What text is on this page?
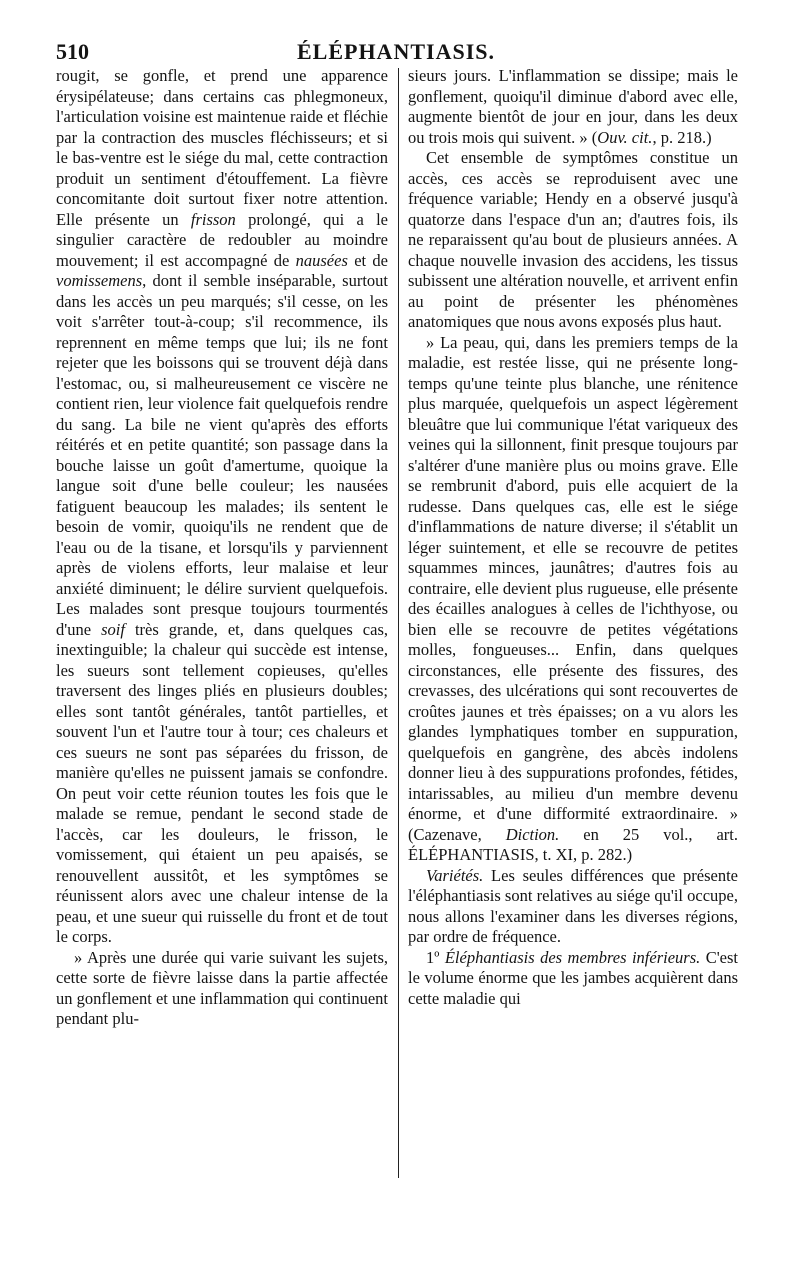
510	ÉLÉPHANTIASIS.

rougit, se gonfle, et prend une apparence érysipélateuse; dans certains cas phlegmoneux, l'articulation voisine est maintenue raide et fléchie par la contraction des muscles fléchisseurs; et si le bas-ventre est le siége du mal, cette contraction produit un sentiment d'étouffement. La fièvre concomitante doit surtout fixer notre attention. Elle présente un frisson prolongé, qui a le singulier caractère de redoubler au moindre mouvement; il est accompagné de nausées et de vomissemens, dont il semble inséparable, surtout dans les accès un peu marqués; s'il cesse, on les voit s'arrêter tout-à-coup; s'il recommence, ils reprennent en même temps que lui; ils ne font rejeter que les boissons qui se trouvent déjà dans l'estomac, ou, si malheureusement ce viscère ne contient rien, leur violence fait quelquefois rendre du sang. La bile ne vient qu'après des efforts réitérés et en petite quantité; son passage dans la bouche laisse un goût d'amertume, quoique la langue soit d'une belle couleur; les nausées fatiguent beaucoup les malades; ils sentent le besoin de vomir, quoiqu'ils ne rendent que de l'eau ou de la tisane, et lorsqu'ils y parviennent après de violens efforts, leur malaise et leur anxiété diminuent; le délire survient quelquefois. Les malades sont presque toujours tourmentés d'une soif très grande, et, dans quelques cas, inextinguible; la chaleur qui succède est intense, les sueurs sont tellement copieuses, qu'elles traversent des linges pliés en plusieurs doubles; elles sont tantôt générales, tantôt partielles, et souvent l'un et l'autre tour à tour; ces chaleurs et ces sueurs ne sont pas séparées du frisson, de manière qu'elles ne puissent jamais se confondre. On peut voir cette réunion toutes les fois que le malade se remue, pendant le second stade de l'accès, car les douleurs, le frisson, le vomissement, qui étaient un peu apaisés, se renouvellent aussitôt, et les symptômes se réunissent alors avec une chaleur intense de la peau, et une sueur qui ruisselle du front et de tout le corps.

» Après une durée qui varie suivant les sujets, cette sorte de fièvre laisse dans la partie affectée un gonflement et une inflammation qui continuent pendant plu-

sieurs jours. L'inflammation se dissipe; mais le gonflement, quoiqu'il diminue d'abord avec elle, augmente bientôt de jour en jour, dans les deux ou trois mois qui suivent. » (Ouv. cit., p. 218.)

Cet ensemble de symptômes constitue un accès, ces accès se reproduisent avec une fréquence variable; Hendy en a observé jusqu'à quatorze dans l'espace d'un an; d'autres fois, ils ne reparaissent qu'au bout de plusieurs années. A chaque nouvelle invasion des accidens, les tissus subissent une altération nouvelle, et arrivent enfin au point de présenter les phénomènes anatomiques que nous avons exposés plus haut.

» La peau, qui, dans les premiers temps de la maladie, est restée lisse, qui ne présente long-temps qu'une teinte plus blanche, une rénitence plus marquée, quelquefois un aspect légèrement bleuâtre que lui communique l'état variqueux des veines qui la sillonnent, finit presque toujours par s'altérer d'une manière plus ou moins grave. Elle se rembrunit d'abord, puis elle acquiert de la rudesse. Dans quelques cas, elle est le siége d'inflammations de nature diverse; il s'établit un léger suintement, et elle se recouvre de petites squammes minces, jaunâtres; d'autres fois au contraire, elle devient plus rugueuse, elle présente des écailles analogues à celles de l'ichthyose, ou bien elle se recouvre de petites végétations molles, fongueuses... Enfin, dans quelques circonstances, elle présente des fissures, des crevasses, des ulcérations qui sont recouvertes de croûtes jaunes et très épaisses; on a vu alors les glandes lymphatiques tomber en suppuration, quelquefois en gangrène, des abcès indolens donner lieu à des suppurations profondes, fétides, intarissables, au milieu d'un membre devenu énorme, et d'une difformité extraordinaire. » (Cazenave, Diction. en 25 vol., art. ÉLÉPHANTIASIS, t. XI, p. 282.)

Variétés. Les seules différences que présente l'éléphantiasis sont relatives au siége qu'il occupe, nous allons l'examiner dans les diverses régions, par ordre de fréquence.

1º Éléphantiasis des membres inférieurs. C'est le volume énorme que les jambes acquièrent dans cette maladie qui
